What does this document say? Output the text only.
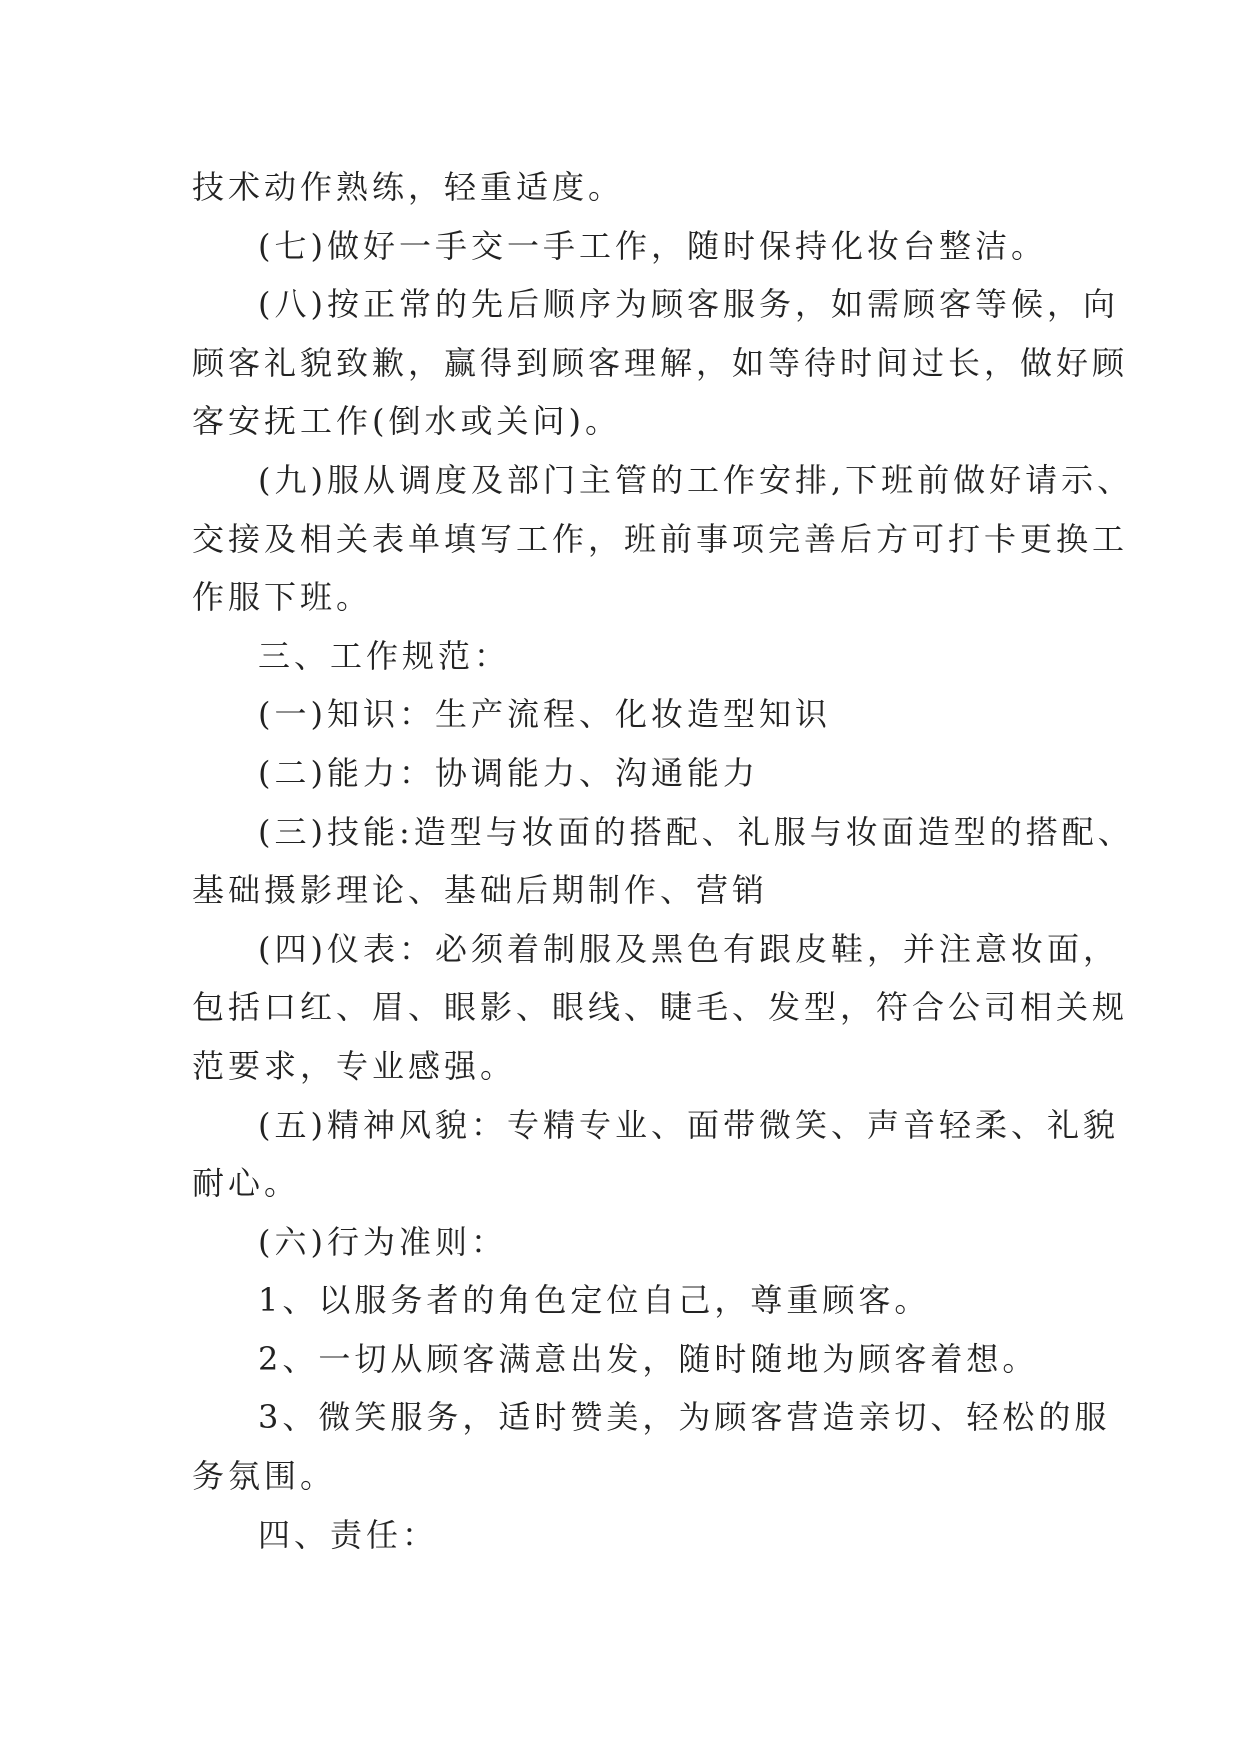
技术动作熟练，轻重适度。
(七)做好一手交一手工作，随时保持化妆台整洁。
(八)按正常的先后顺序为顾客服务，如需顾客等候，向
顾客礼貌致歉，赢得到顾客理解，如等待时间过长，做好顾
客安抚工作(倒水或关问)。
(九)服从调度及部门主管的工作安排,下班前做好请示、
交接及相关表单填写工作，班前事项完善后方可打卡更换工
作服下班。
三、工作规范：
(一)知识：生产流程、化妆造型知识
(二)能力：协调能力、沟通能力
(三)技能:造型与妆面的搭配、礼服与妆面造型的搭配、
基础摄影理论、基础后期制作、营销
(四)仪表：必须着制服及黑色有跟皮鞋，并注意妆面，
包括口红、眉、眼影、眼线、睫毛、发型，符合公司相关规
范要求，专业感强。
(五)精神风貌：专精专业、面带微笑、声音轻柔、礼貌
耐心。
(六)行为准则：
1、以服务者的角色定位自己，尊重顾客。
2、一切从顾客满意出发，随时随地为顾客着想。
3、微笑服务，适时赞美，为顾客营造亲切、轻松的服
务氛围。
四、责任：
